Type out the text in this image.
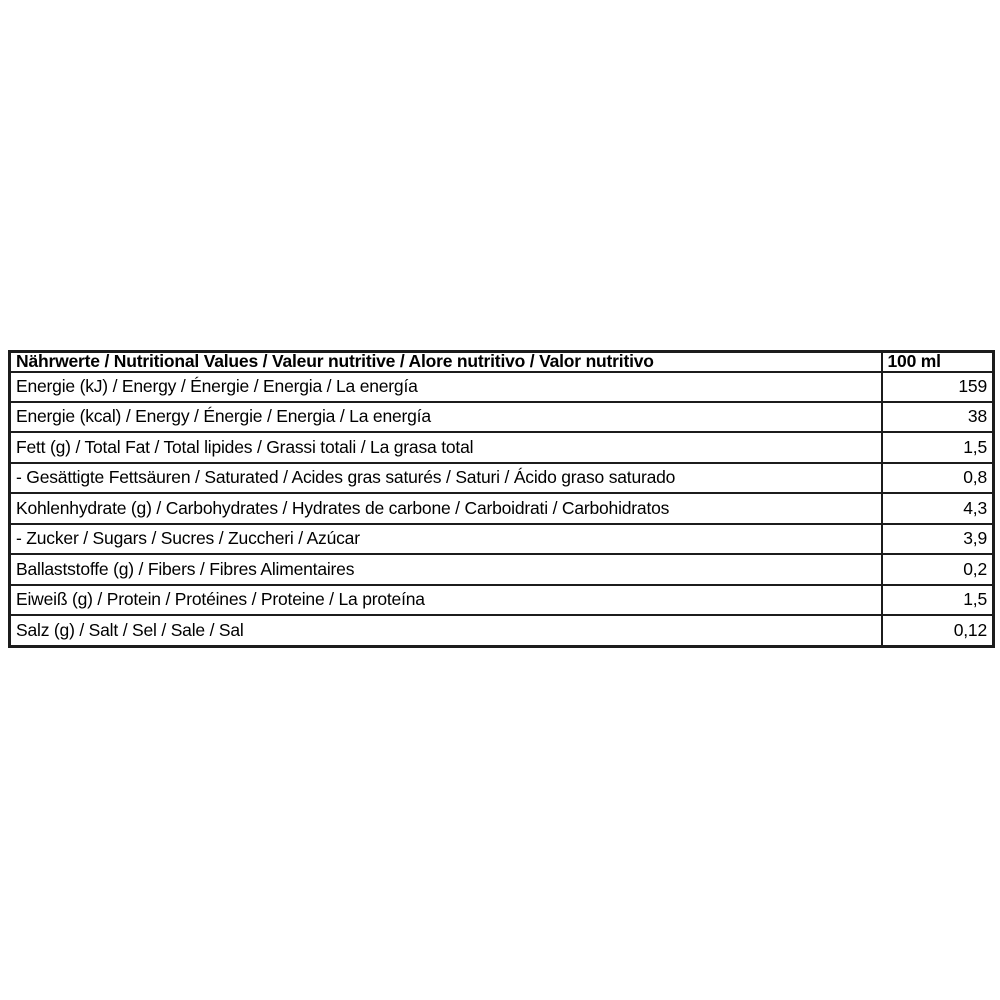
Nährwerte / Nutritional Values / Valeur nutritive / Alore nutritivo / Valor nutritivo	100 ml
Energie (kJ) / Energy / Énergie / Energia / La energía	159
Energie (kcal) / Energy / Énergie / Energia / La energía	38
Fett (g) / Total Fat / Total lipides / Grassi totali / La grasa total	1,5
- Gesättigte Fettsäuren / Saturated / Acides gras saturés / Saturi / Ácido graso saturado	0,8
Kohlenhydrate (g) / Carbohydrates / Hydrates de carbone / Carboidrati / Carbohidratos	4,3
- Zucker / Sugars / Sucres / Zuccheri / Azúcar	3,9
Ballaststoffe (g) / Fibers / Fibres Alimentaires	0,2
Eiweiß (g) / Protein / Protéines / Proteine / La proteína	1,5
Salz (g) / Salt / Sel / Sale / Sal	0,12
